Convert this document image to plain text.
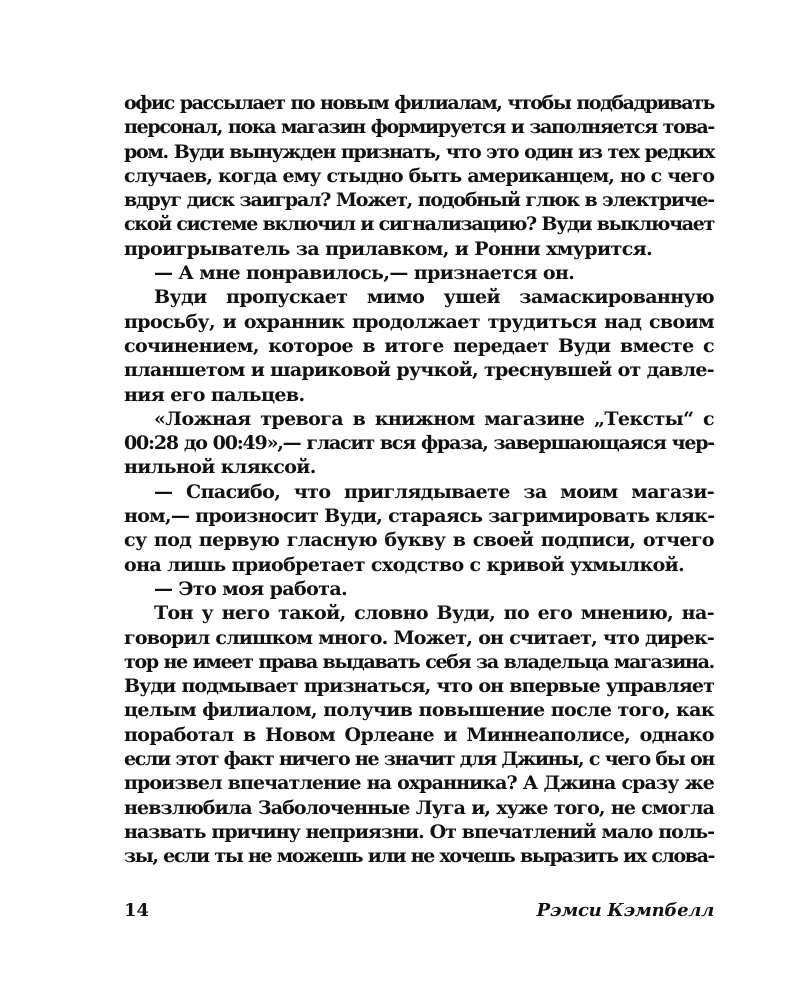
офис рассылает по новым филиалам, чтобы подбадривать
персонал, пока магазин формируется и заполняется това-
ром. Вуди вынужден признать, что это один из тех редких
случаев, когда ему стыдно быть американцем, но с чего
вдруг диск заиграл? Может, подобный глюк в электриче-
ской системе включил и сигнализацию? Вуди выключает
проигрыватель за прилавком, и Ронни хмурится.
— А мне понравилось,— признается он.
Вуди пропускает мимо ушей замаскированную
просьбу, и охранник продолжает трудиться над своим
сочинением, которое в итоге передает Вуди вместе с
планшетом и шариковой ручкой, треснувшей от давле-
ния его пальцев.
«Ложная тревога в книжном магазине „Тексты“ с
00:28 до 00:49»,— гласит вся фраза, завершающаяся чер-
нильной кляксой.
— Спасибо, что приглядываете за моим магази-
ном,— произносит Вуди, стараясь загримировать кляк-
су под первую гласную букву в своей подписи, отчего
она лишь приобретает сходство с кривой ухмылкой.
— Это моя работа.
Тон у него такой, словно Вуди, по его мнению, на-
говорил слишком много. Может, он считает, что дирек-
тор не имеет права выдавать себя за владельца магазина.
Вуди подмывает признаться, что он впервые управляет
целым филиалом, получив повышение после того, как
поработал в Новом Орлеане и Миннеаполисе, однако
если этот факт ничего не значит для Джины, с чего бы он
произвел впечатление на охранника? А Джина сразу же
невзлюбила Заболоченные Луга и, хуже того, не смогла
назвать причину неприязни. От впечатлений мало поль-
зы, если ты не можешь или не хочешь выразить их слова-
14	Рэмси Кэмпбелл
